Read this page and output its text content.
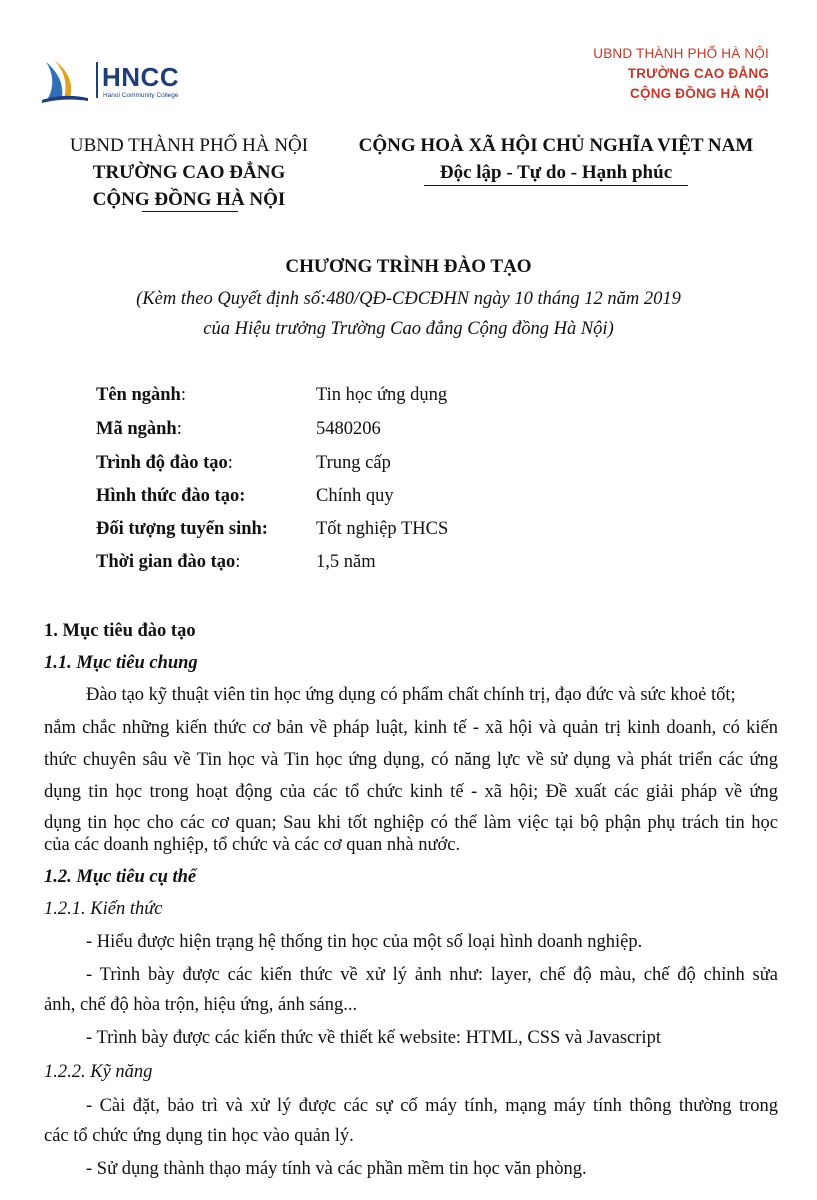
HNCC
Hanoi Community College
UBND THÀNH PHỐ HÀ NỘI
TRƯỜNG CAO ĐẲNG
CỘNG ĐỒNG HÀ NỘI
UBND THÀNH PHỐ HÀ NỘI
TRƯỜNG CAO ĐẲNG
CỘNG ĐỒNG HÀ NỘI
CỘNG HOÀ XÃ HỘI CHỦ NGHĨA VIỆT NAM
Độc lập - Tự do - Hạnh phúc
CHƯƠNG TRÌNH ĐÀO TẠO
(Kèm theo Quyết định số:480/QĐ-CĐCĐHN ngày 10 tháng 12 năm 2019
của Hiệu trưởng Trường Cao đẳng Cộng đồng Hà Nội)
Tên ngành:	Tin học ứng dụng
Mã ngành:	5480206
Trình độ đào tạo:	Trung cấp
Hình thức đào tạo:	Chính quy
Đối tượng tuyển sinh:	Tốt nghiệp THCS
Thời gian đào tạo:	1,5 năm
1. Mục tiêu đào tạo
1.1. Mục tiêu chung
Đào tạo kỹ thuật viên tin học ứng dụng có phẩm chất chính trị, đạo đức và sức khoẻ tốt;
nắm chắc những kiến thức cơ bản về pháp luật, kinh tế - xã hội và quản trị kinh doanh, có kiến
thức chuyên sâu về Tin học và Tin học ứng dụng, có năng lực về sử dụng và phát triển các ứng
dụng tin học trong hoạt động của các tổ chức kinh tế - xã hội; Đề xuất các giải pháp về ứng
dụng tin học cho các cơ quan; Sau khi tốt nghiệp có thể làm việc tại bộ phận phụ trách tin học
của các doanh nghiệp, tổ chức và các cơ quan nhà nước.
1.2. Mục tiêu cụ thể
1.2.1. Kiến thức
- Hiểu được hiện trạng hệ thống tin học của một số loại hình doanh nghiệp.
- Trình bày được các kiến thức về xử lý ảnh như: layer, chế độ màu, chế độ chỉnh sửa
ảnh, chế độ hòa trộn, hiệu ứng, ánh sáng...
- Trình bày được các kiến thức về thiết kế website: HTML, CSS và Javascript
1.2.2. Kỹ năng
- Cài đặt, bảo trì và xử lý được các sự cố máy tính, mạng máy tính thông thường trong
các tổ chức ứng dụng tin học vào quản lý.
- Sử dụng thành thạo máy tính và các phần mềm tin học văn phòng.
